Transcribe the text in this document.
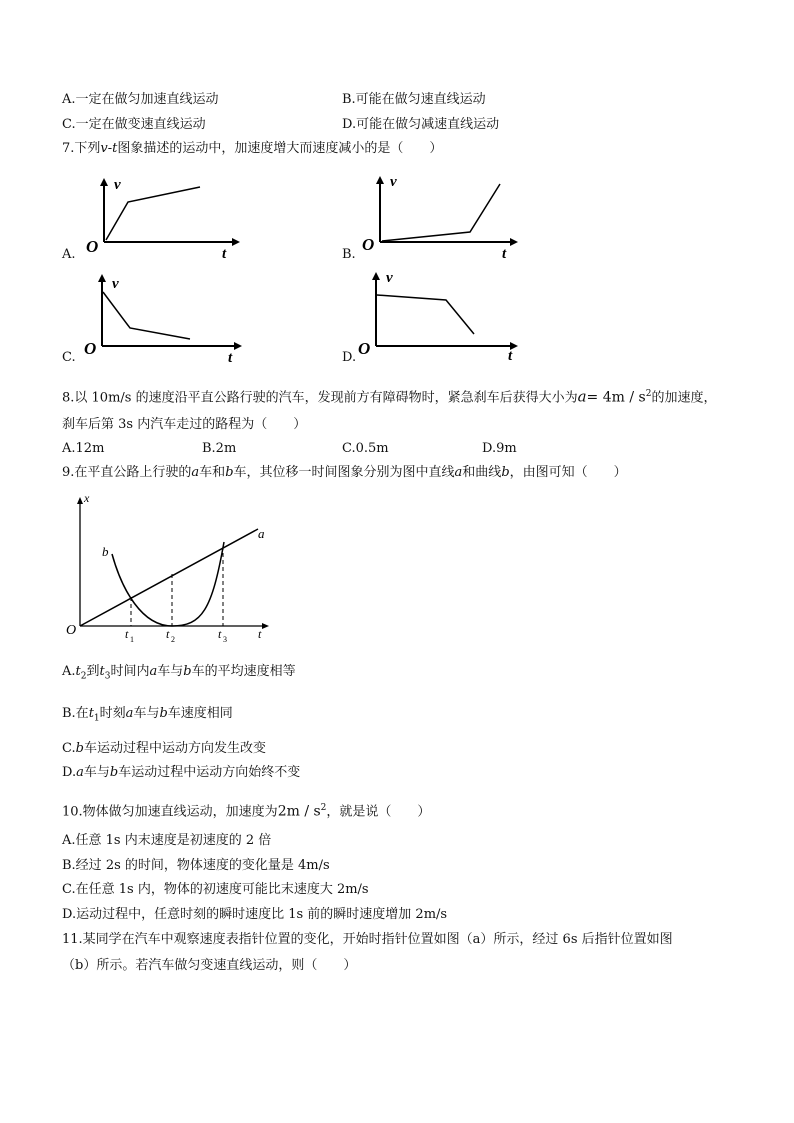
A.一定在做匀加速直线运动	B.可能在做匀速直线运动
C.一定在做变速直线运动	D.可能在做匀减速直线运动
7.下列v-t图象描述的运动中，加速度增大而速度减小的是（　　）
v
O	t
A.
v
O	t
B.
v
O	t
C.
v
O	t
D.
8.以 10m/s 的速度沿平直公路行驶的汽车，发现前方有障碍物时，紧急刹车后获得大小为$a= 4m / s^2$的加速度，
刹车后第 3s 内汽车走过的路程为（　　）
A.12m	B.2m	C.0.5m	D.9m
9.在平直公路上行驶的a车和b车，其位移一时间图象分别为图中直线a和曲线b，由图可知（　　）
x
O	t
a
b
t 1	t 2	t 3
$A.t_2$到$t_3$时间内a车与b车的平均速度相等
B.在$t_1$时刻a车与b车速度相同
C.b车运动过程中运动方向发生改变
D.a车与b车运动过程中运动方向始终不变
10.物体做匀加速直线运动，加速度为$2m / s^2$，就是说（　　）
A.任意 1s 内末速度是初速度的 2 倍
B.经过 2s 的时间，物体速度的变化量是 4m/s
C.在任意 1s 内，物体的初速度可能比末速度大 2m/s
D.运动过程中，任意时刻的瞬时速度比 1s 前的瞬时速度增加 2m/s
11.某同学在汽车中观察速度表指针位置的变化，开始时指针位置如图（a）所示，经过 6s 后指针位置如图
（b）所示。若汽车做匀变速直线运动，则（　　）
